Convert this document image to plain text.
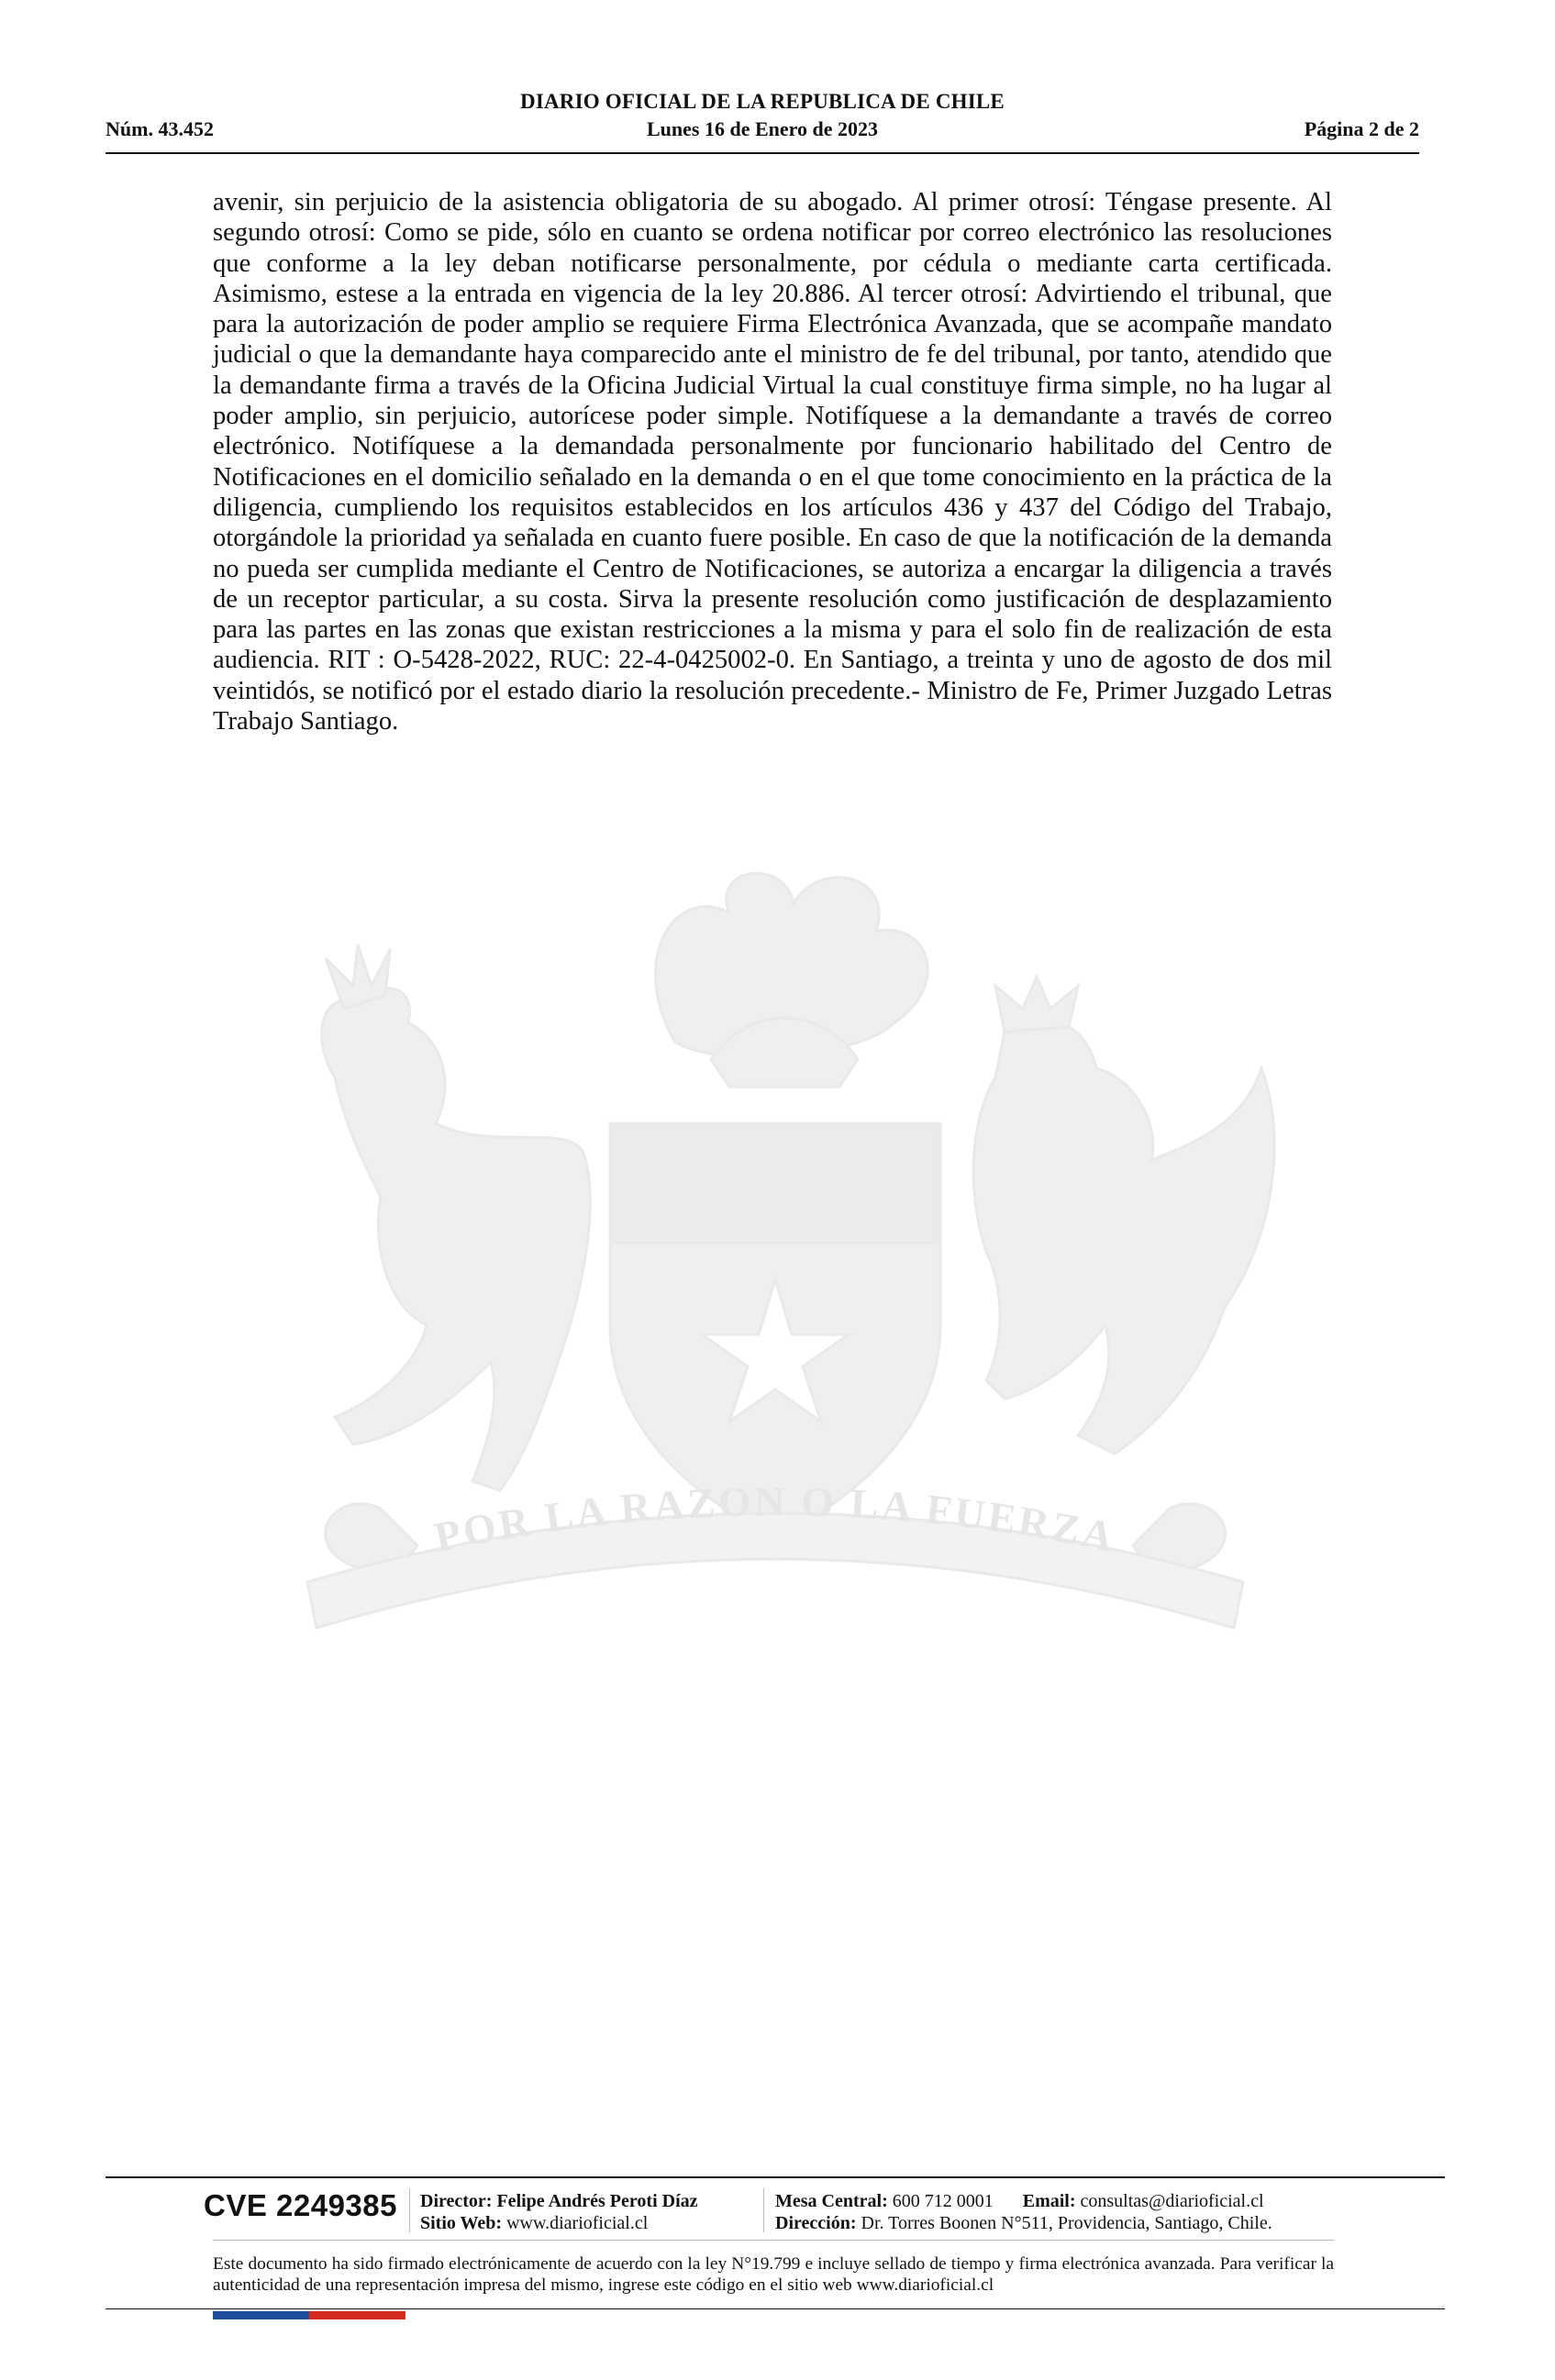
DIARIO OFICIAL DE LA REPUBLICA DE CHILE
Núm. 43.452	Lunes 16 de Enero de 2023	Página 2 de 2
POR LA RAZON O LA FUERZA
avenir, sin perjuicio de la asistencia obligatoria de su abogado. Al primer otrosí: Téngase presente. Al segundo otrosí: Como se pide, sólo en cuanto se ordena notificar por correo electrónico las resoluciones que conforme a la ley deban notificarse personalmente, por cédula o mediante carta certificada. Asimismo, estese a la entrada en vigencia de la ley 20.886. Al tercer otrosí: Advirtiendo el tribunal, que para la autorización de poder amplio se requiere Firma Electrónica Avanzada, que se acompañe mandato judicial o que la demandante haya comparecido ante el ministro de fe del tribunal, por tanto, atendido que la demandante firma a través de la Oficina Judicial Virtual la cual constituye firma simple, no ha lugar al poder amplio, sin perjuicio, autorícese poder simple. Notifíquese a la demandante a través de correo electrónico. Notifíquese a la demandada personalmente por funcionario habilitado del Centro de Notificaciones en el domicilio señalado en la demanda o en el que tome conocimiento en la práctica de la diligencia, cumpliendo los requisitos establecidos en los artículos 436 y 437 del Código del Trabajo, otorgándole la prioridad ya señalada en cuanto fuere posible. En caso de que la notificación de la demanda no pueda ser cumplida mediante el Centro de Notificaciones, se autoriza a encargar la diligencia a través de un receptor particular, a su costa. Sirva la presente resolución como justificación de desplazamiento para las partes en las zonas que existan restricciones a la misma y para el solo fin de realización de esta audiencia. RIT : O-5428-2022, RUC: 22-4-0425002-0. En Santiago, a treinta y uno de agosto de dos mil veintidós, se notificó por el estado diario la resolución precedente.- Ministro de Fe, Primer Juzgado Letras Trabajo Santiago.
CVE 2249385 Director: Felipe Andrés Peroti Díaz
Sitio Web: www.diarioficial.cl
Mesa Central: 600 712 0001 Email: consultas@diarioficial.cl
Dirección: Dr. Torres Boonen N°511, Providencia, Santiago, Chile.
Este documento ha sido firmado electrónicamente de acuerdo con la ley N°19.799 e incluye sellado de tiempo y firma electrónica avanzada. Para verificar la autenticidad de una representación impresa del mismo, ingrese este código en el sitio web www.diarioficial.cl
